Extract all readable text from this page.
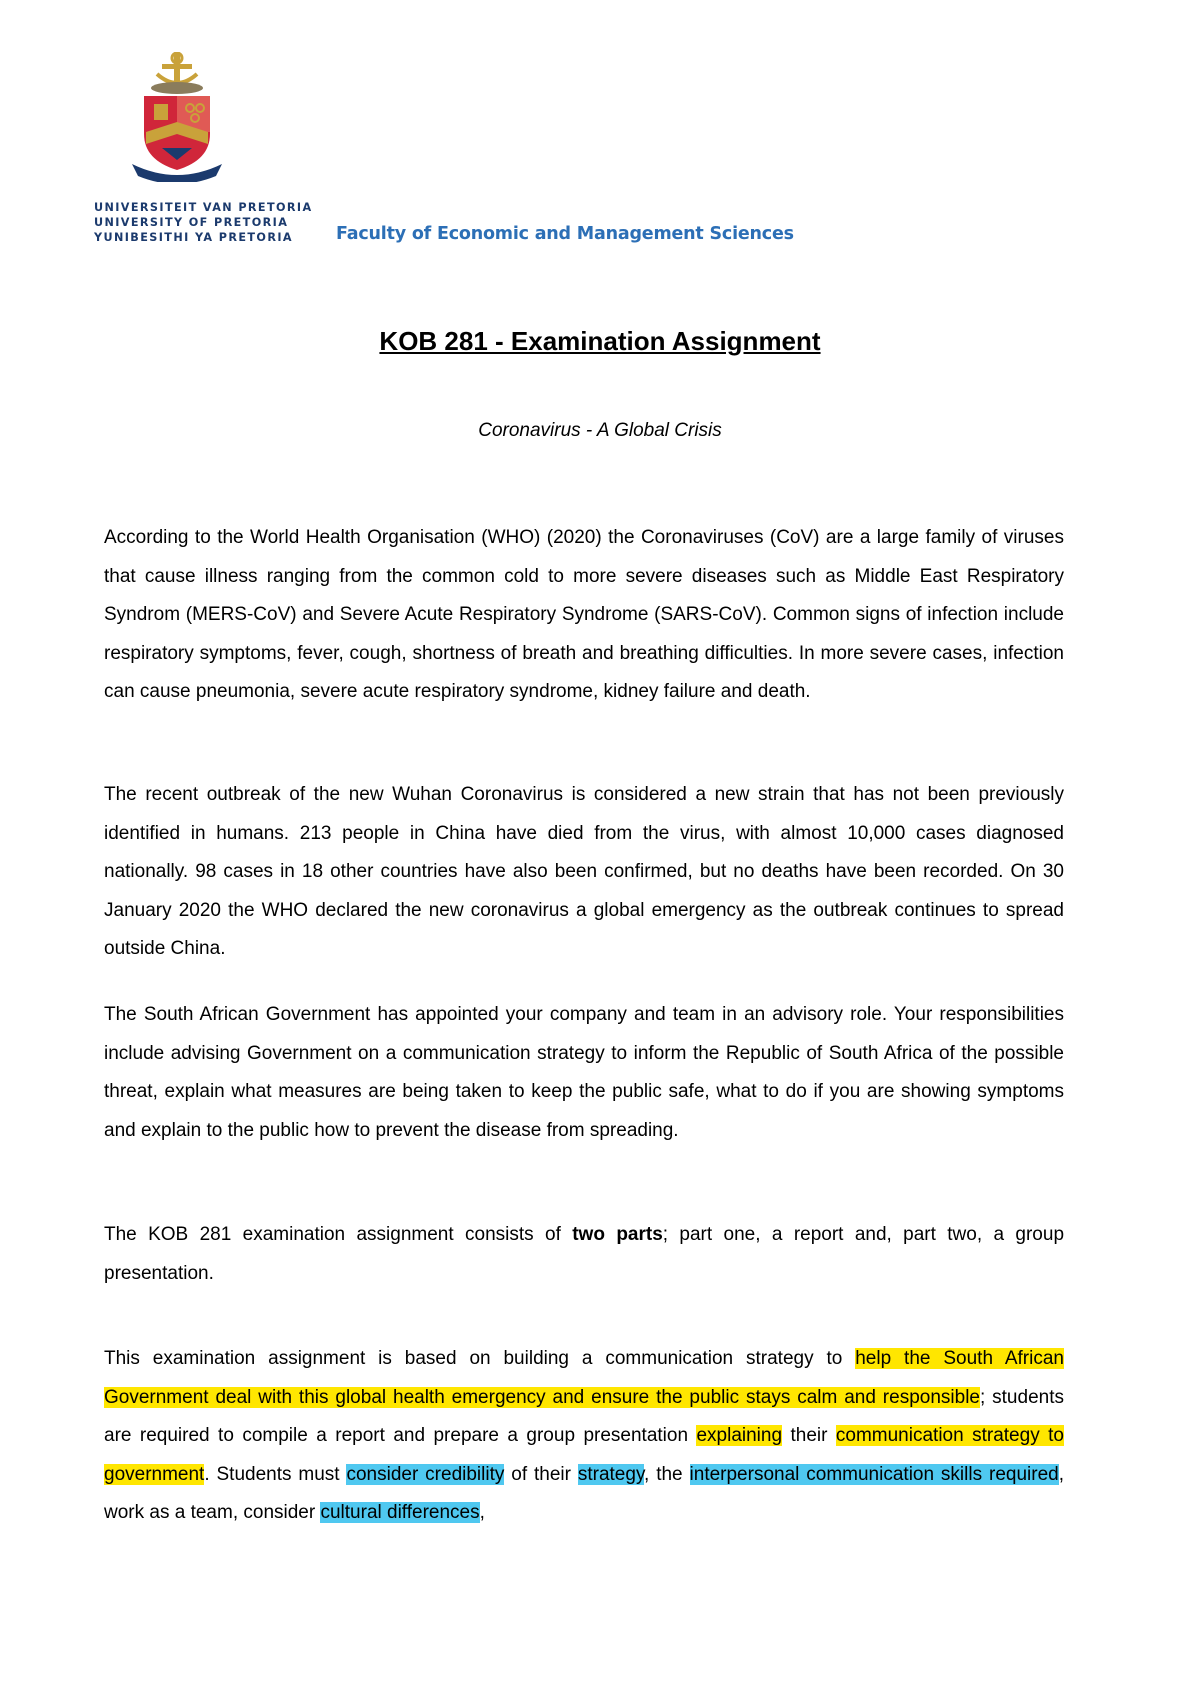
UNIVERSITEIT VAN PRETORIA
UNIVERSITY OF PRETORIA
YUNIBESITHI YA PRETORIA	Faculty of Economic and Management Sciences
KOB 281 - Examination Assignment
Coronavirus - A Global Crisis
According to the World Health Organisation (WHO) (2020) the Coronaviruses (CoV) are a large family of viruses that cause illness ranging from the common cold to more severe diseases such as Middle East Respiratory Syndrom (MERS-CoV) and Severe Acute Respiratory Syndrome (SARS-CoV). Common signs of infection include respiratory symptoms, fever, cough, shortness of breath and breathing difficulties. In more severe cases, infection can cause pneumonia, severe acute respiratory syndrome, kidney failure and death.
The recent outbreak of the new Wuhan Coronavirus is considered a new strain that has not been previously identified in humans. 213 people in China have died from the virus, with almost 10,000 cases diagnosed nationally. 98 cases in 18 other countries have also been confirmed, but no deaths have been recorded. On 30 January 2020 the WHO declared the new coronavirus a global emergency as the outbreak continues to spread outside China.
The South African Government has appointed your company and team in an advisory role. Your responsibilities include advising Government on a communication strategy to inform the Republic of South Africa of the possible threat, explain what measures are being taken to keep the public safe, what to do if you are showing symptoms and explain to the public how to prevent the disease from spreading.
The KOB 281 examination assignment consists of two parts; part one, a report and, part two, a group presentation.
This examination assignment is based on building a communication strategy to help the South African Government deal with this global health emergency and ensure the public stays calm and responsible; students are required to compile a report and prepare a group presentation explaining their communication strategy to government. Students must consider credibility of their strategy, the interpersonal communication skills required, work as a team, consider cultural differences,
